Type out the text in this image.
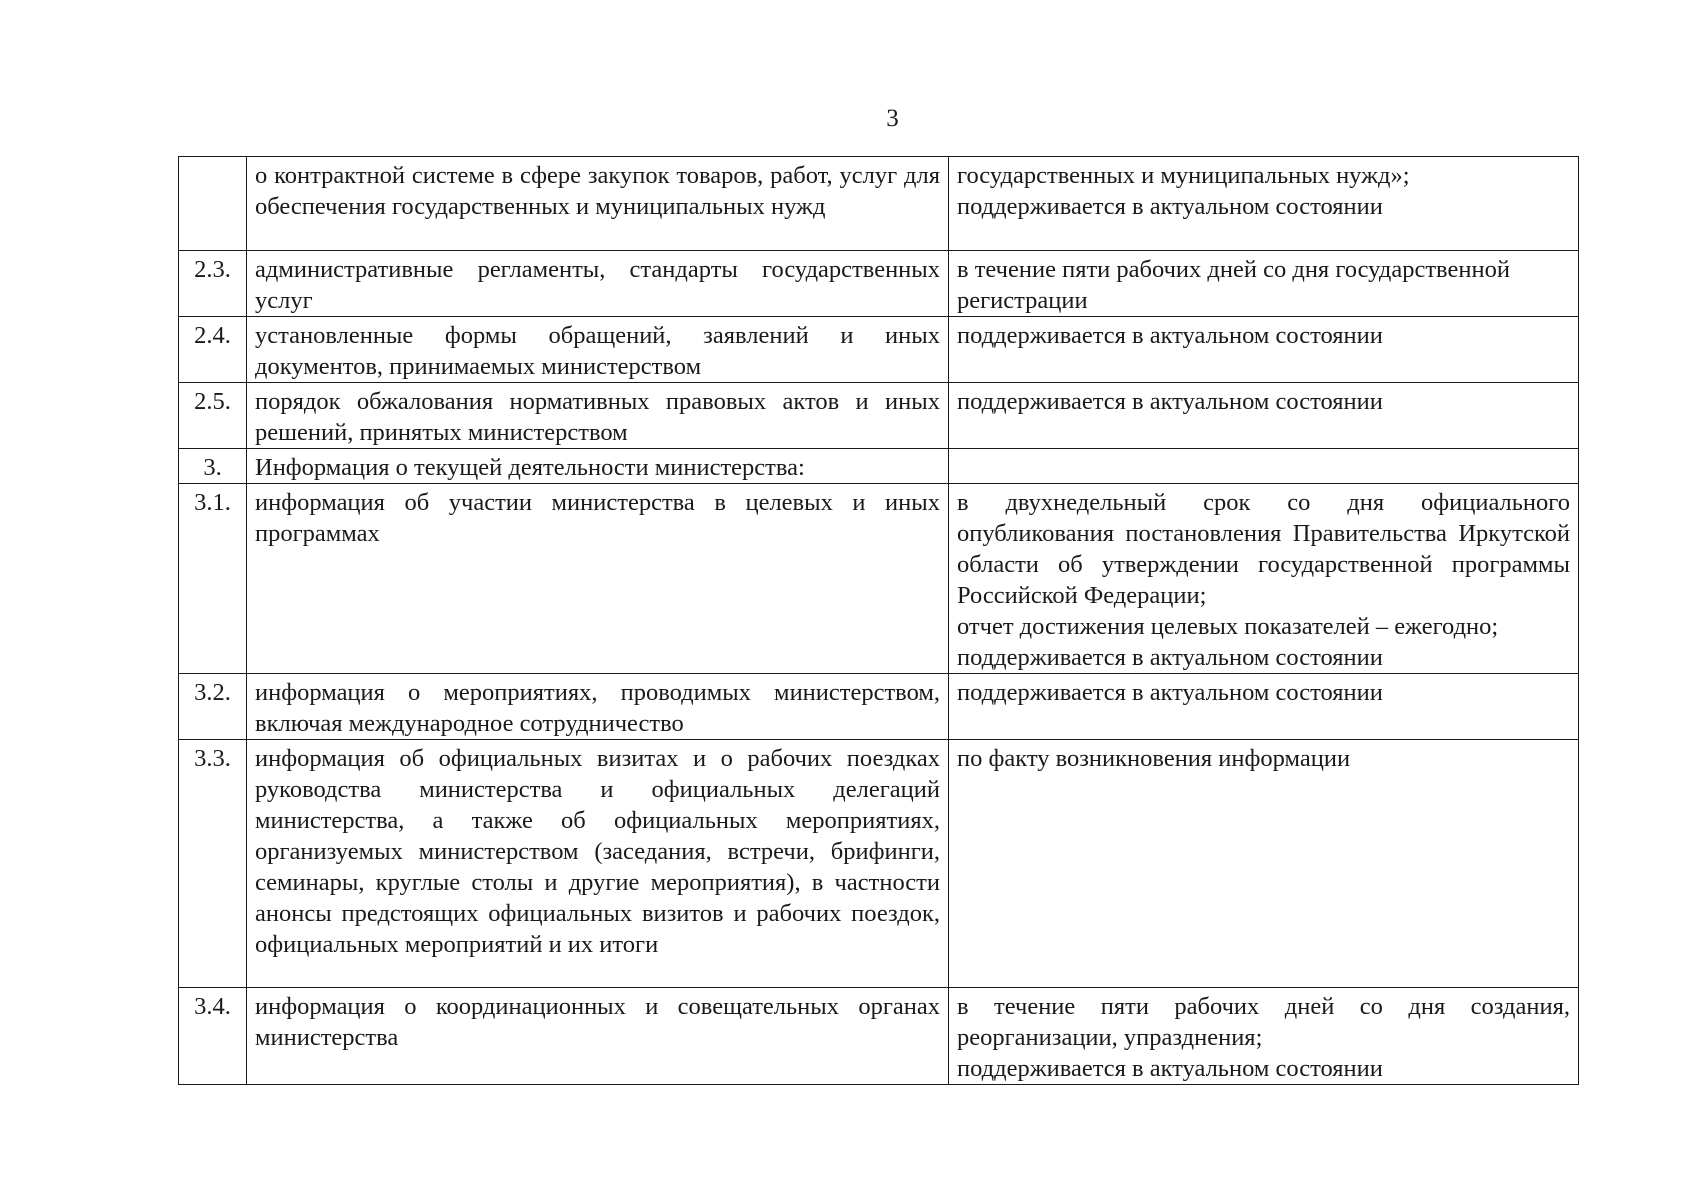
3
	о контрактной системе в сфере закупок товаров, работ, услуг для обеспечения государственных и муниципальных нужд	государственных и муниципальных нужд»;
поддерживается в актуальном состоянии

2.3.	административные регламенты, стандарты государственных услуг	в течение пяти рабочих дней со дня государственной регистрации

2.4.	установленные формы обращений, заявлений и иных документов, принимаемых министерством	поддерживается в актуальном состоянии

2.5.	порядок обжалования нормативных правовых актов и иных решений, принятых министерством	поддерживается в актуальном состоянии

3.	Информация о текущей деятельности министерства:	
3.1.	информация об участии министерства в целевых и иных программах	в двухнедельный срок со дня официального опубликования постановления Правительства Иркутской области об утверждении государственной программы Российской Федерации;
отчет достижения целевых показателей – ежегодно;
поддерживается в актуальном состоянии

3.2.	информация о мероприятиях, проводимых министерством, включая международное сотрудничество	поддерживается в актуальном состоянии

3.3.	информация об официальных визитах и о рабочих поездках руководства министерства и официальных делегаций министерства, а также об официальных мероприятиях, организуемых министерством (заседания, встречи, брифинги, семинары, круглые столы и другие мероприятия), в частности анонсы предстоящих официальных визитов и рабочих поездок, официальных мероприятий и их итоги	по факту возникновения информации

3.4.	информация о координационных и совещательных органах министерства	в течение пяти рабочих дней со дня создания, реорганизации, упразднения;
поддерживается в актуальном состоянии
